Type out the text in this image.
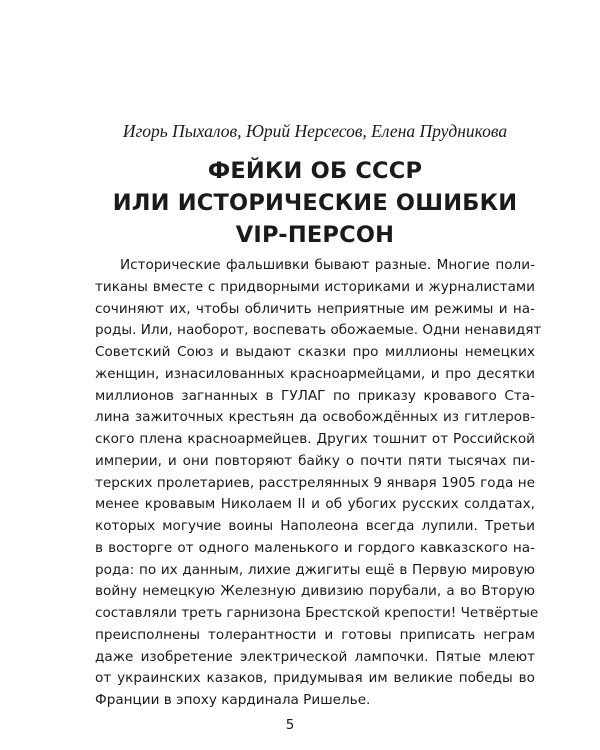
Игорь Пыхалов, Юрий Нерсесов, Елена Прудникова
ФЕЙКИ ОБ СССР
ИЛИ ИСТОРИЧЕСКИЕ ОШИБКИ
VIP-ПЕРСОН
Исторические фальшивки бывают разные. Многие поли-
тиканы вместе с придворными историками и журналистами
сочиняют их, чтобы обличить неприятные им режимы и на-
роды. Или, наоборот, воспевать обожаемые. Одни ненавидят
Советский Союз и выдают сказки про миллионы немецких
женщин, изнасилованных красноармейцами, и про десятки
миллионов загнанных в ГУЛАГ по приказу кровавого Ста-
лина зажиточных крестьян да освобождённых из гитлеров-
ского плена красноармейцев. Других тошнит от Российской
империи, и они повторяют байку о почти пяти тысячах пи-
терских пролетариев, расстрелянных 9 января 1905 года не
менее кровавым Николаем II и об убогих русских солдатах,
которых могучие воины Наполеона всегда лупили. Третьи
в восторге от одного маленького и гордого кавказского на-
рода: по их данным, лихие джигиты ещё в Первую мировую
войну немецкую Железную дивизию порубали, а во Вторую
составляли треть гарнизона Брестской крепости! Четвёртые
преисполнены толерантности и готовы приписать неграм
даже изобретение электрической лампочки. Пятые млеют
от украинских казаков, придумывая им великие победы во
Франции в эпоху кардинала Ришелье.
5
